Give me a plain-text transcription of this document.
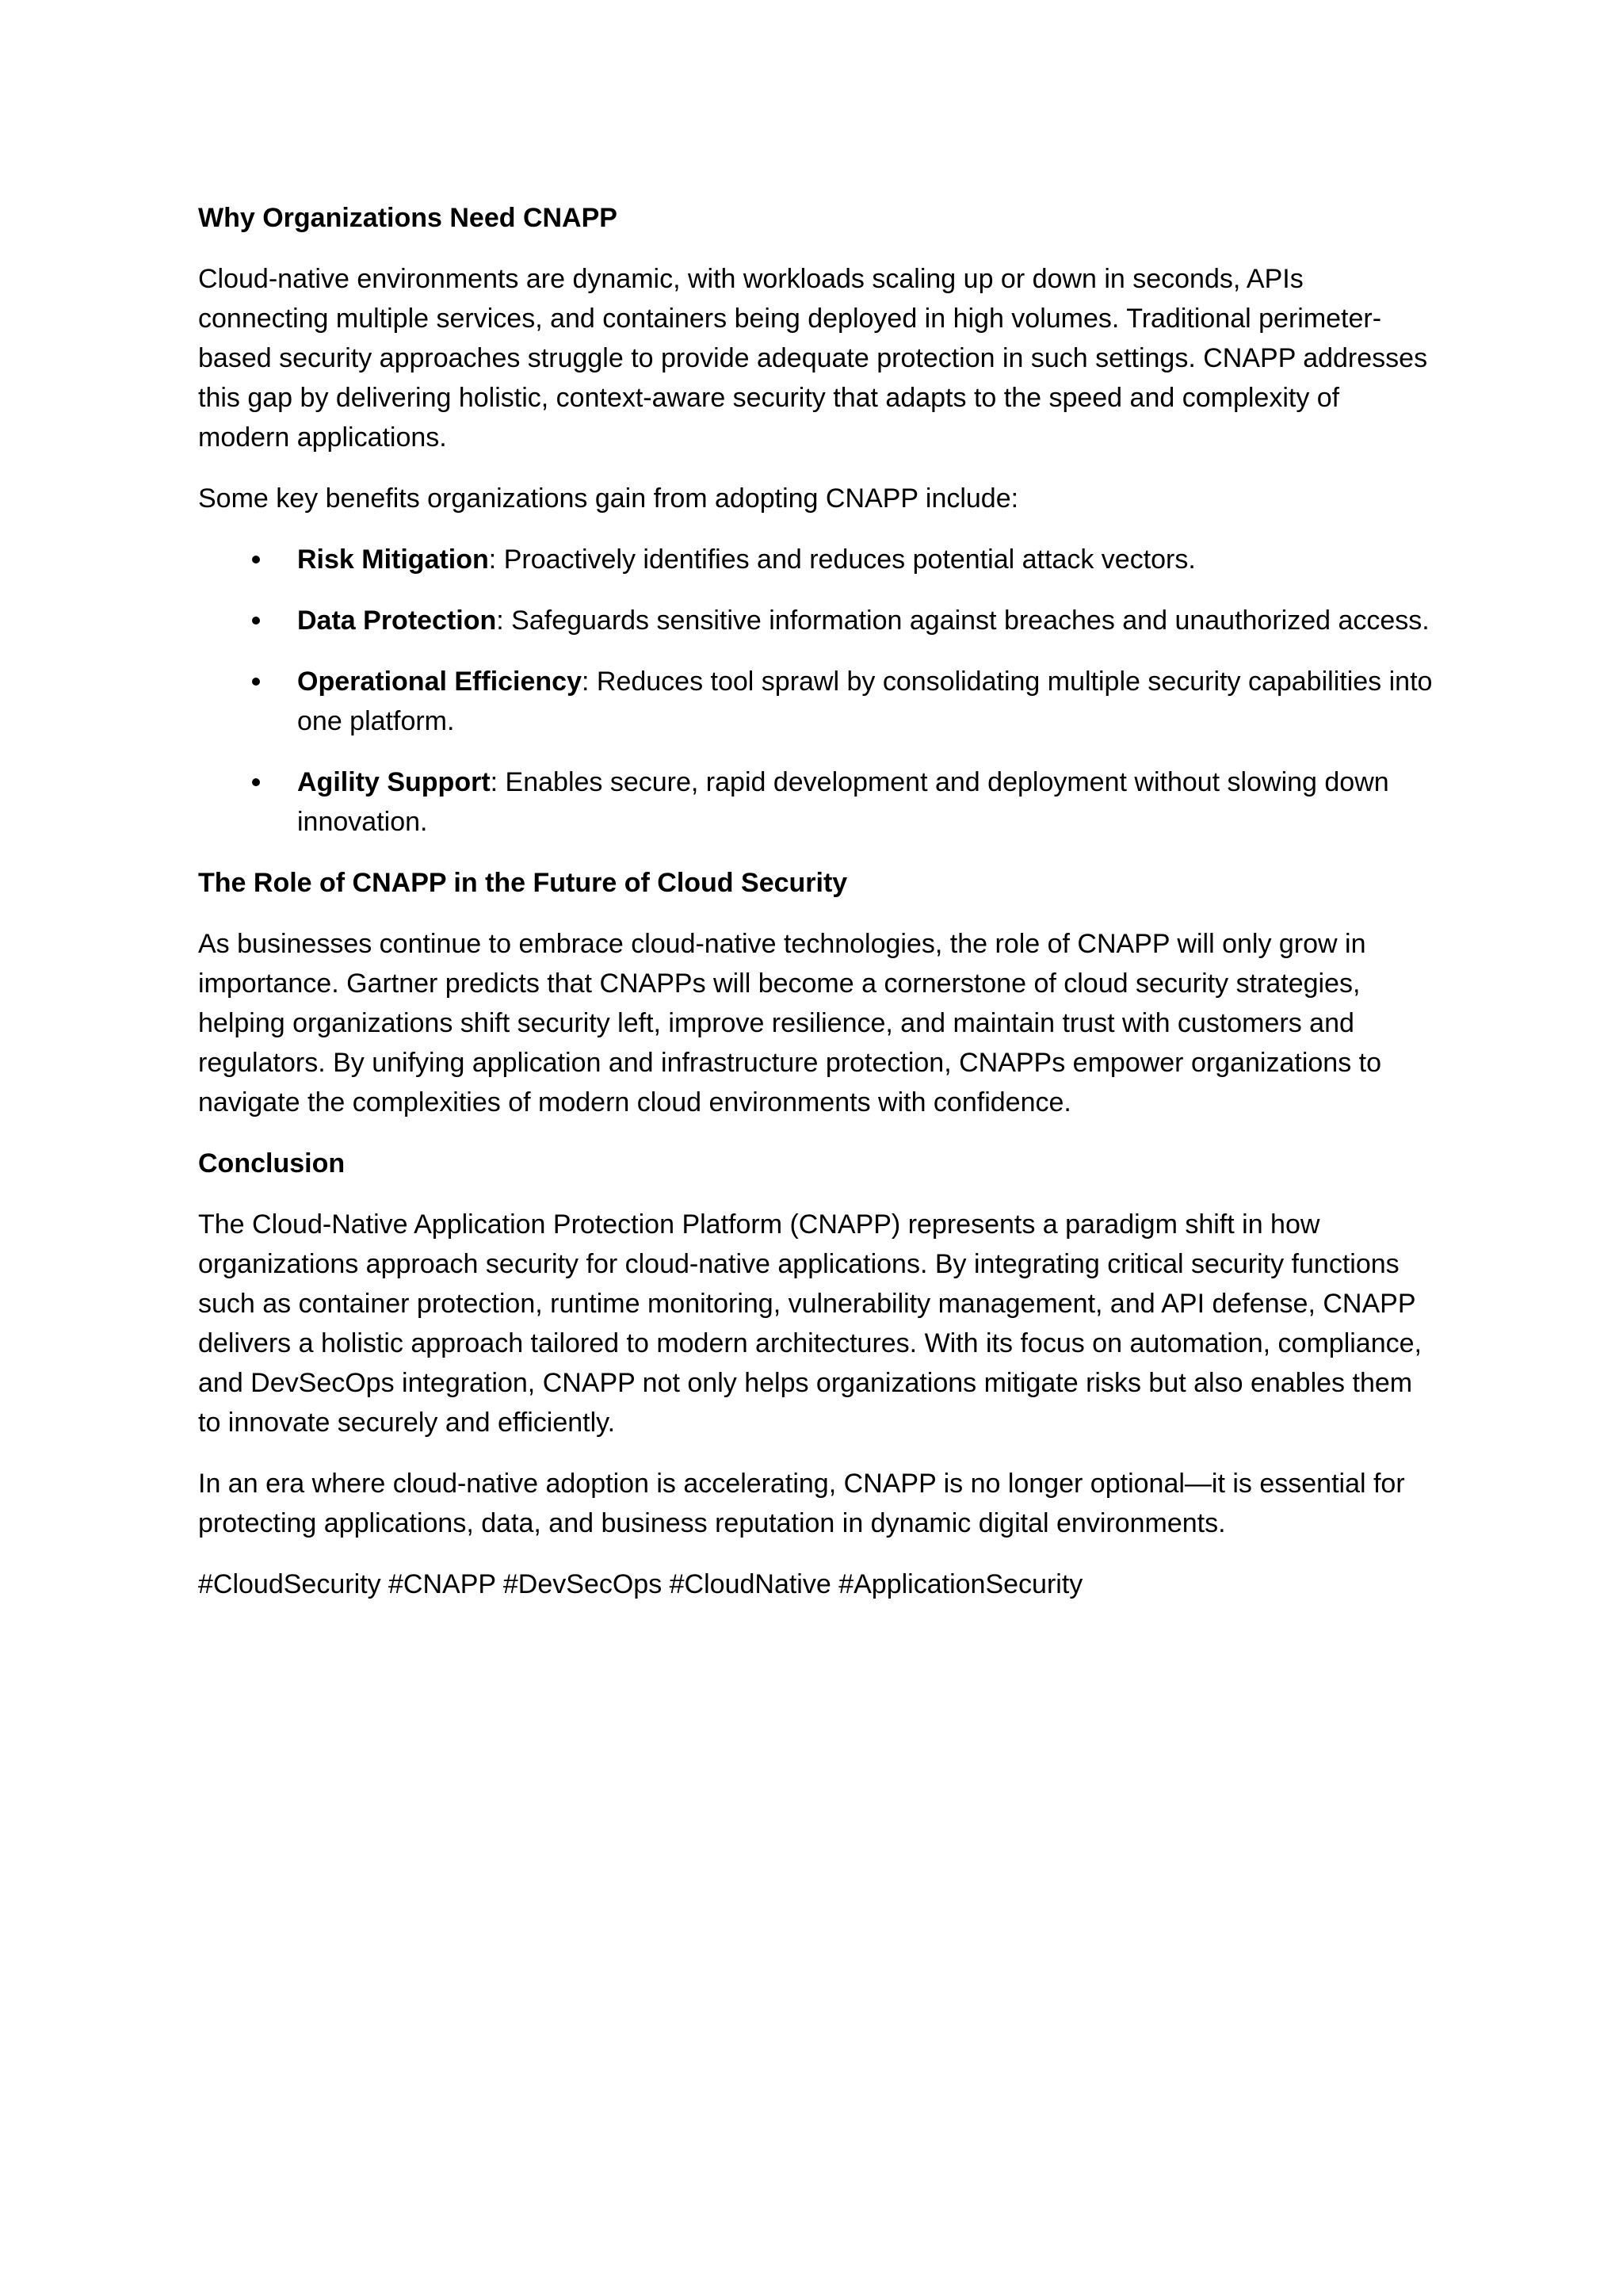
Why Organizations Need CNAPP
Cloud-native environments are dynamic, with workloads scaling up or down in seconds, APIs connecting multiple services, and containers being deployed in high volumes. Traditional perimeter-based security approaches struggle to provide adequate protection in such settings. CNAPP addresses this gap by delivering holistic, context-aware security that adapts to the speed and complexity of modern applications.
Some key benefits organizations gain from adopting CNAPP include:
Risk Mitigation: Proactively identifies and reduces potential attack vectors.
Data Protection: Safeguards sensitive information against breaches and unauthorized access.
Operational Efficiency: Reduces tool sprawl by consolidating multiple security capabilities into one platform.
Agility Support: Enables secure, rapid development and deployment without slowing down innovation.
The Role of CNAPP in the Future of Cloud Security
As businesses continue to embrace cloud-native technologies, the role of CNAPP will only grow in importance. Gartner predicts that CNAPPs will become a cornerstone of cloud security strategies, helping organizations shift security left, improve resilience, and maintain trust with customers and regulators. By unifying application and infrastructure protection, CNAPPs empower organizations to navigate the complexities of modern cloud environments with confidence.
Conclusion
The Cloud-Native Application Protection Platform (CNAPP) represents a paradigm shift in how organizations approach security for cloud-native applications. By integrating critical security functions such as container protection, runtime monitoring, vulnerability management, and API defense, CNAPP delivers a holistic approach tailored to modern architectures. With its focus on automation, compliance, and DevSecOps integration, CNAPP not only helps organizations mitigate risks but also enables them to innovate securely and efficiently.
In an era where cloud-native adoption is accelerating, CNAPP is no longer optional—it is essential for protecting applications, data, and business reputation in dynamic digital environments.
#CloudSecurity #CNAPP #DevSecOps #CloudNative #ApplicationSecurity
